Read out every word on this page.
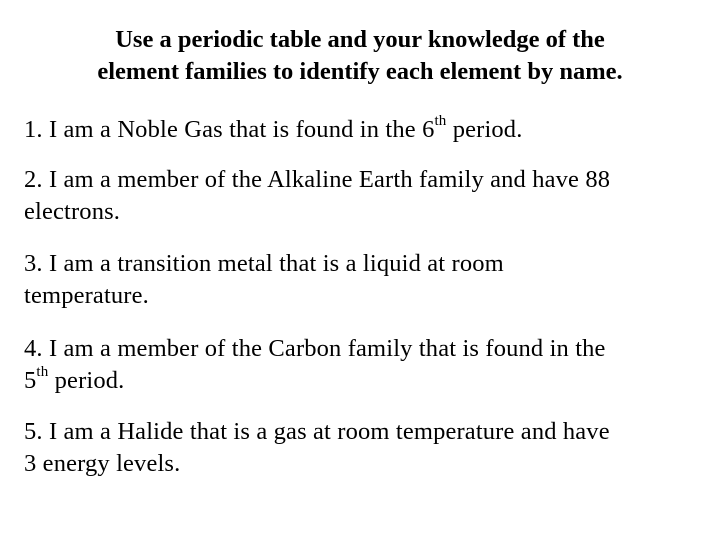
Use a periodic table and your knowledge of the
element families to identify each element by name.
1. I am a Noble Gas that is found in the 6th period.
2. I am a member of the Alkaline Earth family and have 88
electrons.
3. I am a transition metal that is a liquid at room
temperature.
4. I am a member of the Carbon family that is found in the
5th period.
5. I am a Halide that is a gas at room temperature and have
3 energy levels.
